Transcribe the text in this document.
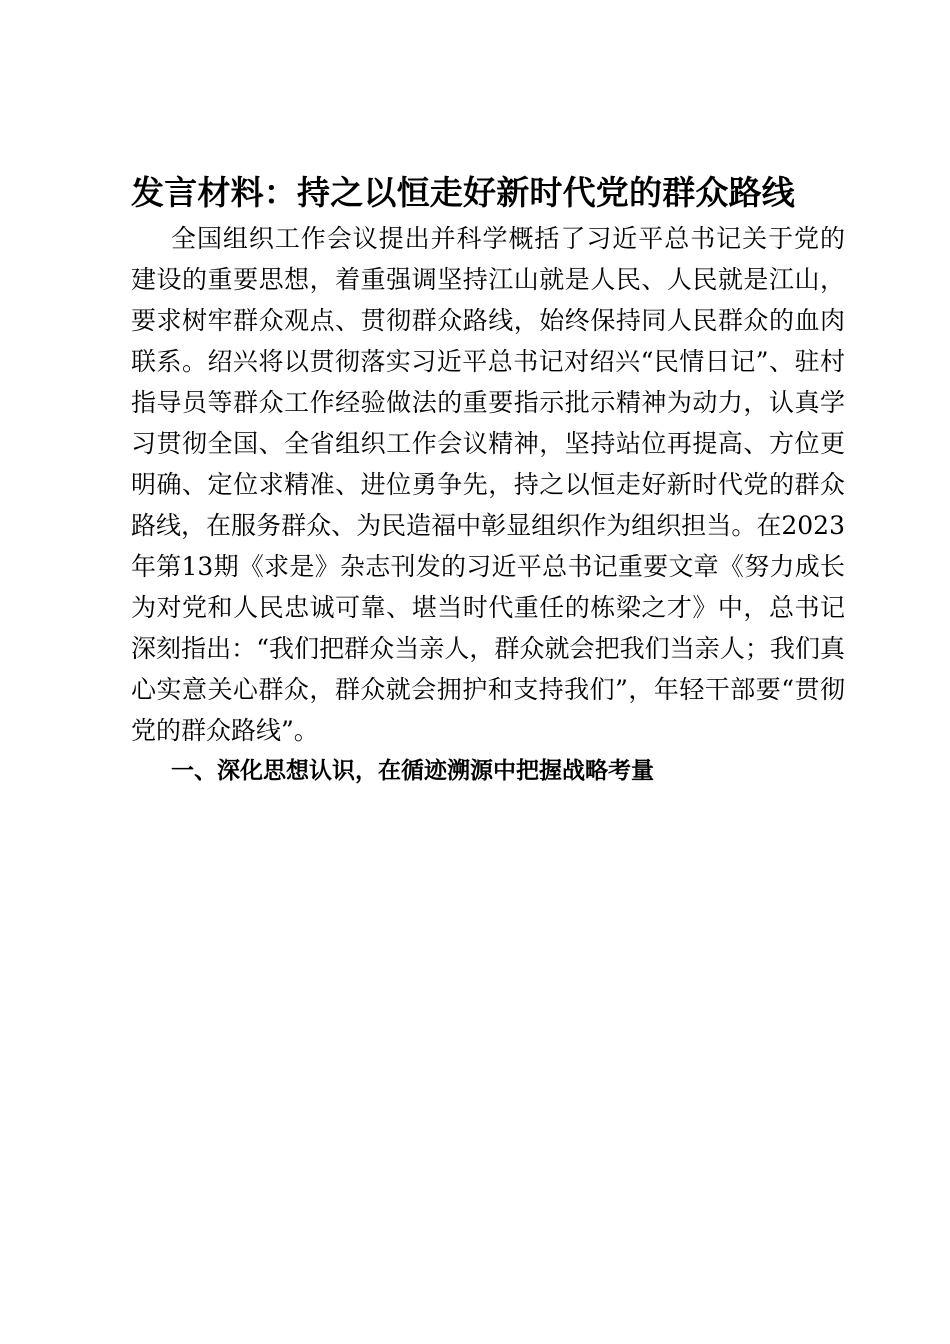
发言材料：持之以恒走好新时代党的群众路线

全国组织工作会议提出并科学概括了习近平总书记关于党的建设的重要思想，着重强调坚持江山就是人民、人民就是江山，要求树牢群众观点、贯彻群众路线，始终保持同人民群众的血肉联系。绍兴将以贯彻落实习近平总书记对绍兴“民情日记”、驻村指导员等群众工作经验做法的重要指示批示精神为动力，认真学习贯彻全国、全省组织工作会议精神，坚持站位再提高、方位更明确、定位求精准、进位勇争先，持之以恒走好新时代党的群众路线，在服务群众、为民造福中彰显组织作为组织担当。在2023年第13期《求是》杂志刊发的习近平总书记重要文章《努力成长为对党和人民忠诚可靠、堪当时代重任的栋梁之才》中，总书记深刻指出：“我们把群众当亲人，群众就会把我们当亲人；我们真心实意关心群众，群众就会拥护和支持我们”，年轻干部要“贯彻党的群众路线”。

一、深化思想认识，在循迹溯源中把握战略考量
